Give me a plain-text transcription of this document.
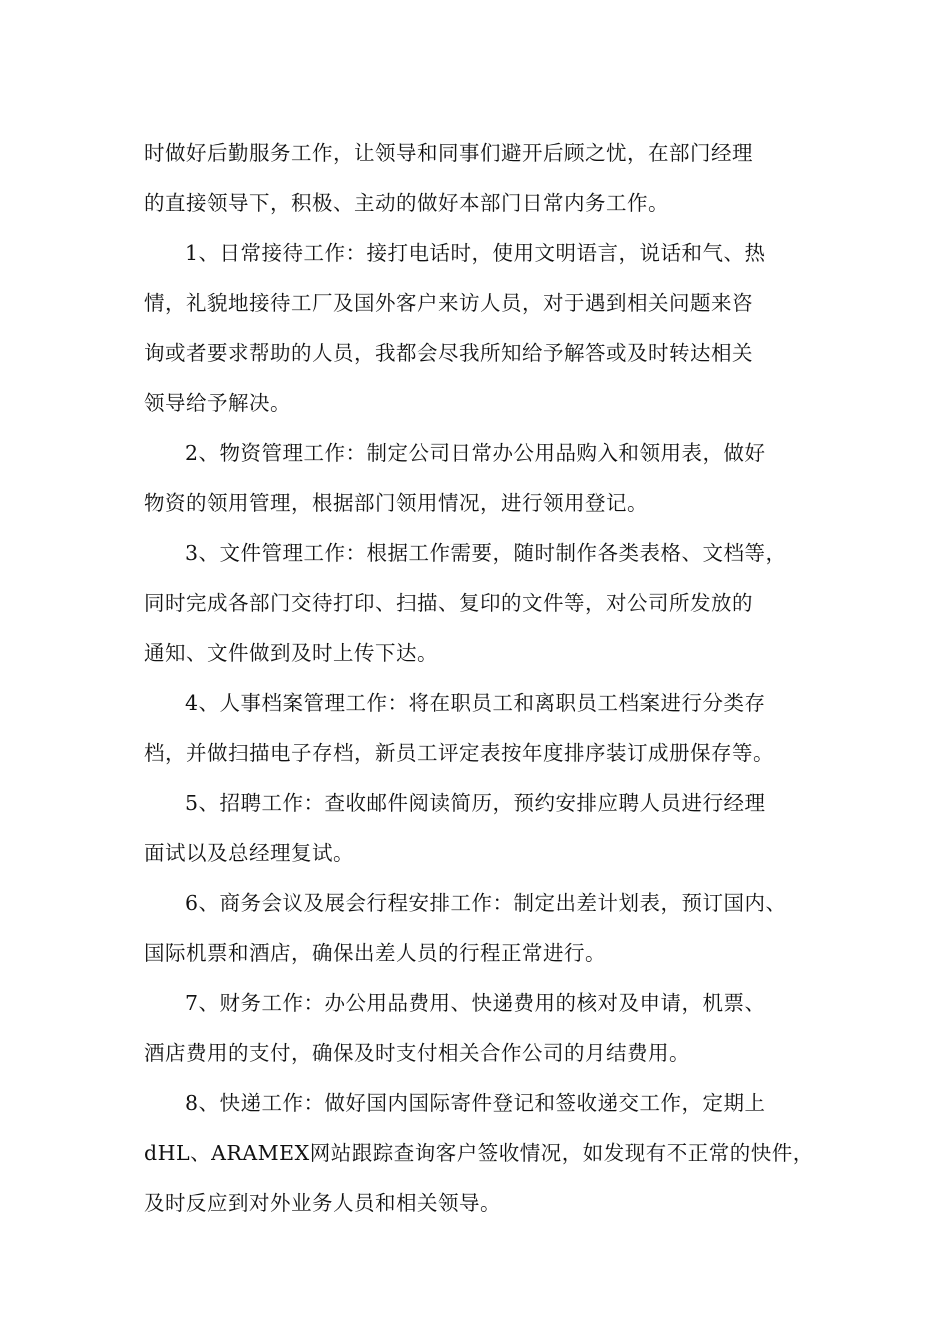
时做好后勤服务工作，让领导和同事们避开后顾之忧，在部门经理
的直接领导下，积极、主动的做好本部门日常内务工作。

1、日常接待工作：接打电话时，使用文明语言，说话和气、热
情，礼貌地接待工厂及国外客户来访人员，对于遇到相关问题来咨
询或者要求帮助的人员，我都会尽我所知给予解答或及时转达相关
领导给予解决。

2、物资管理工作：制定公司日常办公用品购入和领用表，做好
物资的领用管理，根据部门领用情况，进行领用登记。

3、文件管理工作：根据工作需要，随时制作各类表格、文档等，
同时完成各部门交待打印、扫描、复印的文件等，对公司所发放的
通知、文件做到及时上传下达。

4、人事档案管理工作：将在职员工和离职员工档案进行分类存
档，并做扫描电子存档，新员工评定表按年度排序装订成册保存等。

5、招聘工作：查收邮件阅读简历，预约安排应聘人员进行经理
面试以及总经理复试。

6、商务会议及展会行程安排工作：制定出差计划表，预订国内、
国际机票和酒店，确保出差人员的行程正常进行。

7、财务工作：办公用品费用、快递费用的核对及申请，机票、
酒店费用的支付，确保及时支付相关合作公司的月结费用。

8、快递工作：做好国内国际寄件登记和签收递交工作，定期上
dHL、ARAMEX网站跟踪查询客户签收情况，如发现有不正常的快件，
及时反应到对外业务人员和相关领导。
